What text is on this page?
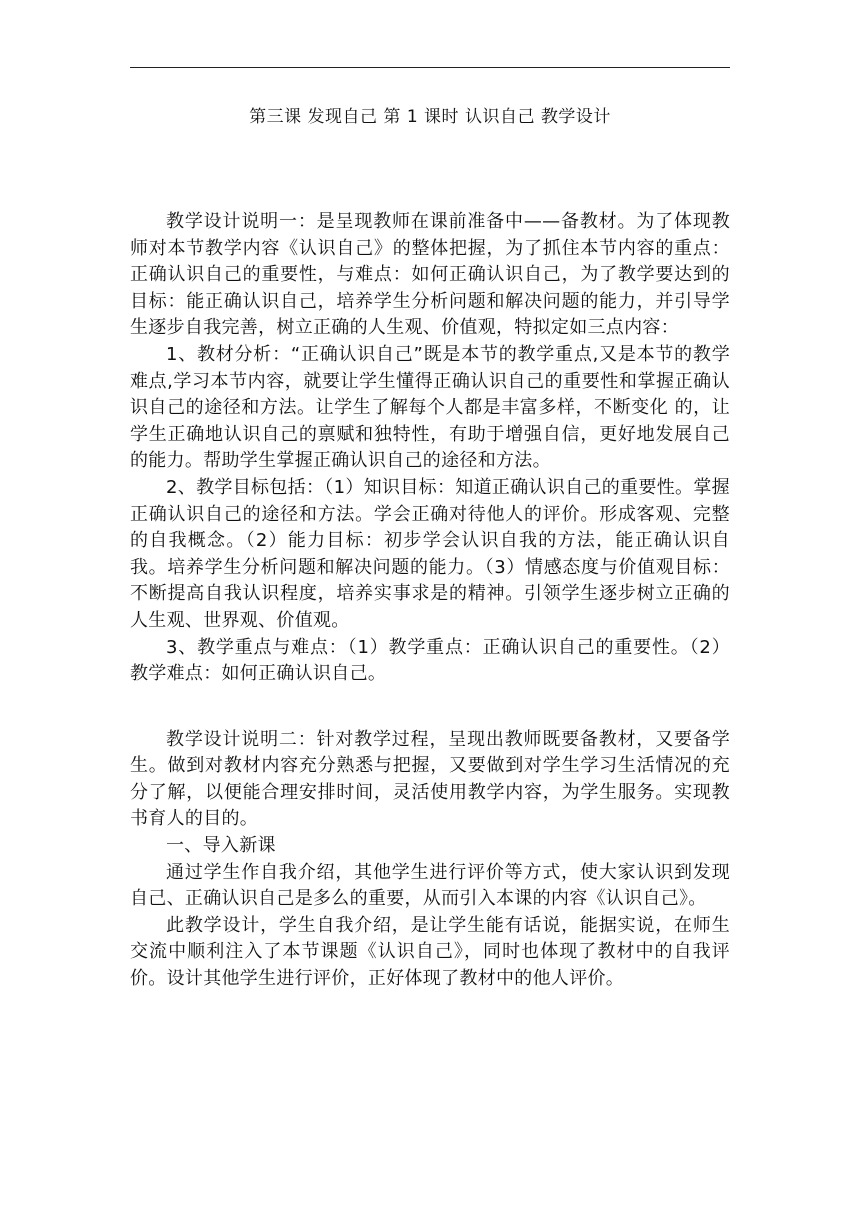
第三课 发现自己 第 1 课时 认识自己 教学设计

教学设计说明一：是呈现教师在课前准备中——备教材。为了体现教师对本节教学内容《认识自己》的整体把握，为了抓住本节内容的重点：正确认识自己的重要性，与难点：如何正确认识自己，为了教学要达到的目标：能正确认识自己，培养学生分析问题和解决问题的能力，并引导学生逐步自我完善，树立正确的人生观、价值观，特拟定如三点内容：

1、教材分析：“正确认识自己”既是本节的教学重点,又是本节的教学难点,学习本节内容，就要让学生懂得正确认识自己的重要性和掌握正确认识自己的途径和方法。让学生了解每个人都是丰富多样，不断变化 的，让学生正确地认识自己的禀赋和独特性，有助于增强自信，更好地发展自己的能力。帮助学生掌握正确认识自己的途径和方法。

2、教学目标包括：（1）知识目标：知道正确认识自己的重要性。掌握正确认识自己的途径和方法。学会正确对待他人的评价。形成客观、完整的自我概念。（2）能力目标：初步学会认识自我的方法，能正确认识自我。培养学生分析问题和解决问题的能力。（3）情感态度与价值观目标：不断提高自我认识程度，培养实事求是的精神。引领学生逐步树立正确的人生观、世界观、价值观。

3、教学重点与难点：（1）教学重点：正确认识自己的重要性。（2）教学难点：如何正确认识自己。

教学设计说明二：针对教学过程，呈现出教师既要备教材，又要备学生。做到对教材内容充分熟悉与把握，又要做到对学生学习生活情况的充分了解，以便能合理安排时间，灵活使用教学内容，为学生服务。实现教书育人的目的。

一、导入新课

通过学生作自我介绍，其他学生进行评价等方式，使大家认识到发现自己、正确认识自己是多么的重要，从而引入本课的内容《认识自己》。

此教学设计，学生自我介绍，是让学生能有话说，能据实说，在师生交流中顺利注入了本节课题《认识自己》，同时也体现了教材中的自我评价。设计其他学生进行评价，正好体现了教材中的他人评价。
